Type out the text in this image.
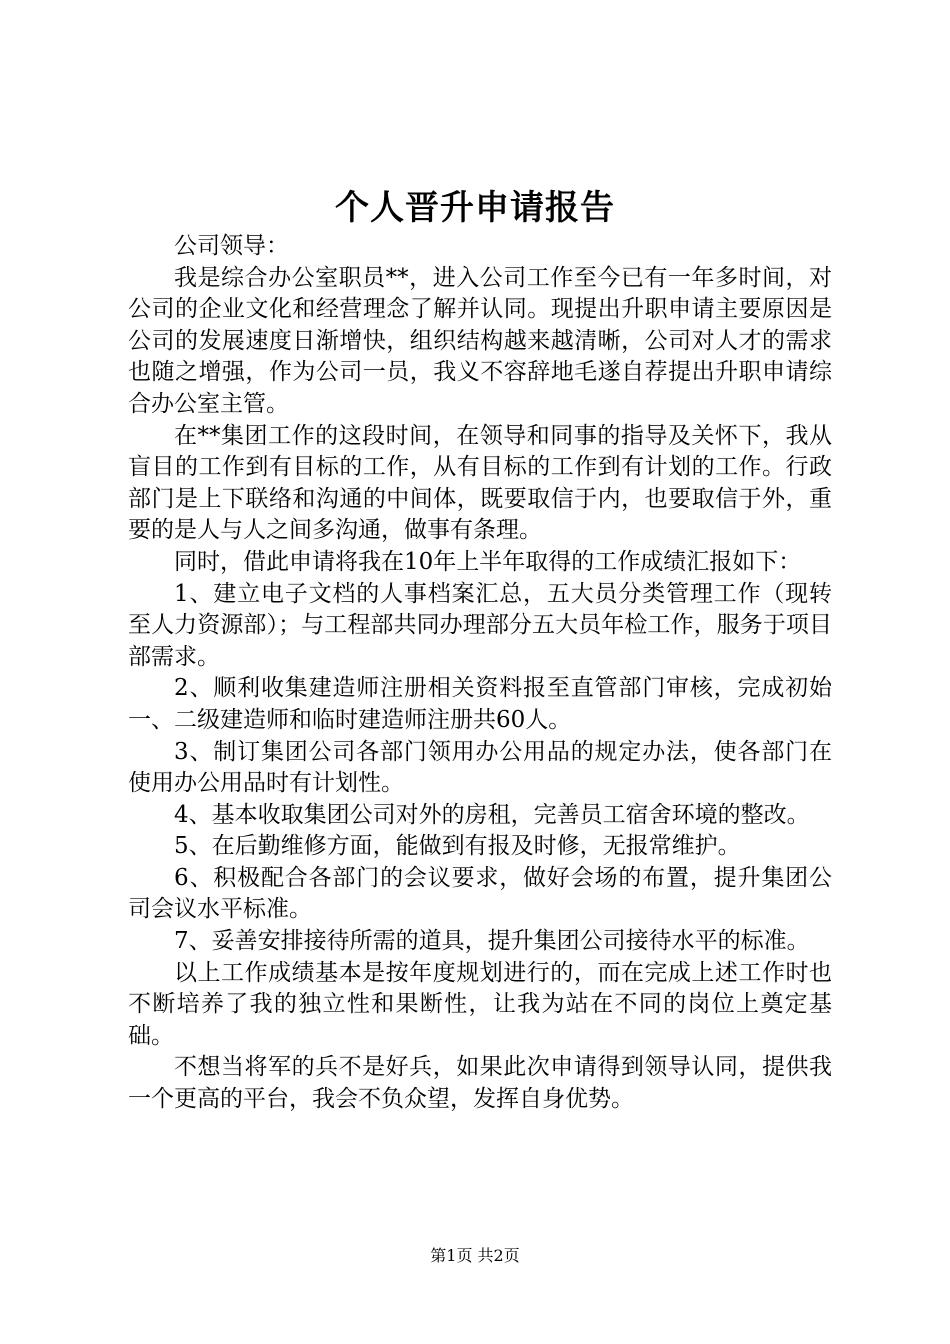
个人晋升申请报告

公司领导：

我是综合办公室职员**，进入公司工作至今已有一年多时间，对公司的企业文化和经营理念了解并认同。现提出升职申请主要原因是公司的发展速度日渐增快，组织结构越来越清晰，公司对人才的需求也随之增强，作为公司一员，我义不容辞地毛遂自荐提出升职申请综合办公室主管。

在**集团工作的这段时间，在领导和同事的指导及关怀下，我从盲目的工作到有目标的工作，从有目标的工作到有计划的工作。行政部门是上下联络和沟通的中间体，既要取信于内，也要取信于外，重要的是人与人之间多沟通，做事有条理。

同时，借此申请将我在10年上半年取得的工作成绩汇报如下：

1、建立电子文档的人事档案汇总，五大员分类管理工作（现转至人力资源部）；与工程部共同办理部分五大员年检工作，服务于项目部需求。

2、顺利收集建造师注册相关资料报至直管部门审核，完成初始一、二级建造师和临时建造师注册共60人。

3、制订集团公司各部门领用办公用品的规定办法，使各部门在使用办公用品时有计划性。

4、基本收取集团公司对外的房租，完善员工宿舍环境的整改。

5、在后勤维修方面，能做到有报及时修，无报常维护。

6、积极配合各部门的会议要求，做好会场的布置，提升集团公司会议水平标准。

7、妥善安排接待所需的道具，提升集团公司接待水平的标准。

以上工作成绩基本是按年度规划进行的，而在完成上述工作时也不断培养了我的独立性和果断性，让我为站在不同的岗位上奠定基础。

不想当将军的兵不是好兵，如果此次申请得到领导认同，提供我一个更高的平台，我会不负众望，发挥自身优势。

第1页 共2页
